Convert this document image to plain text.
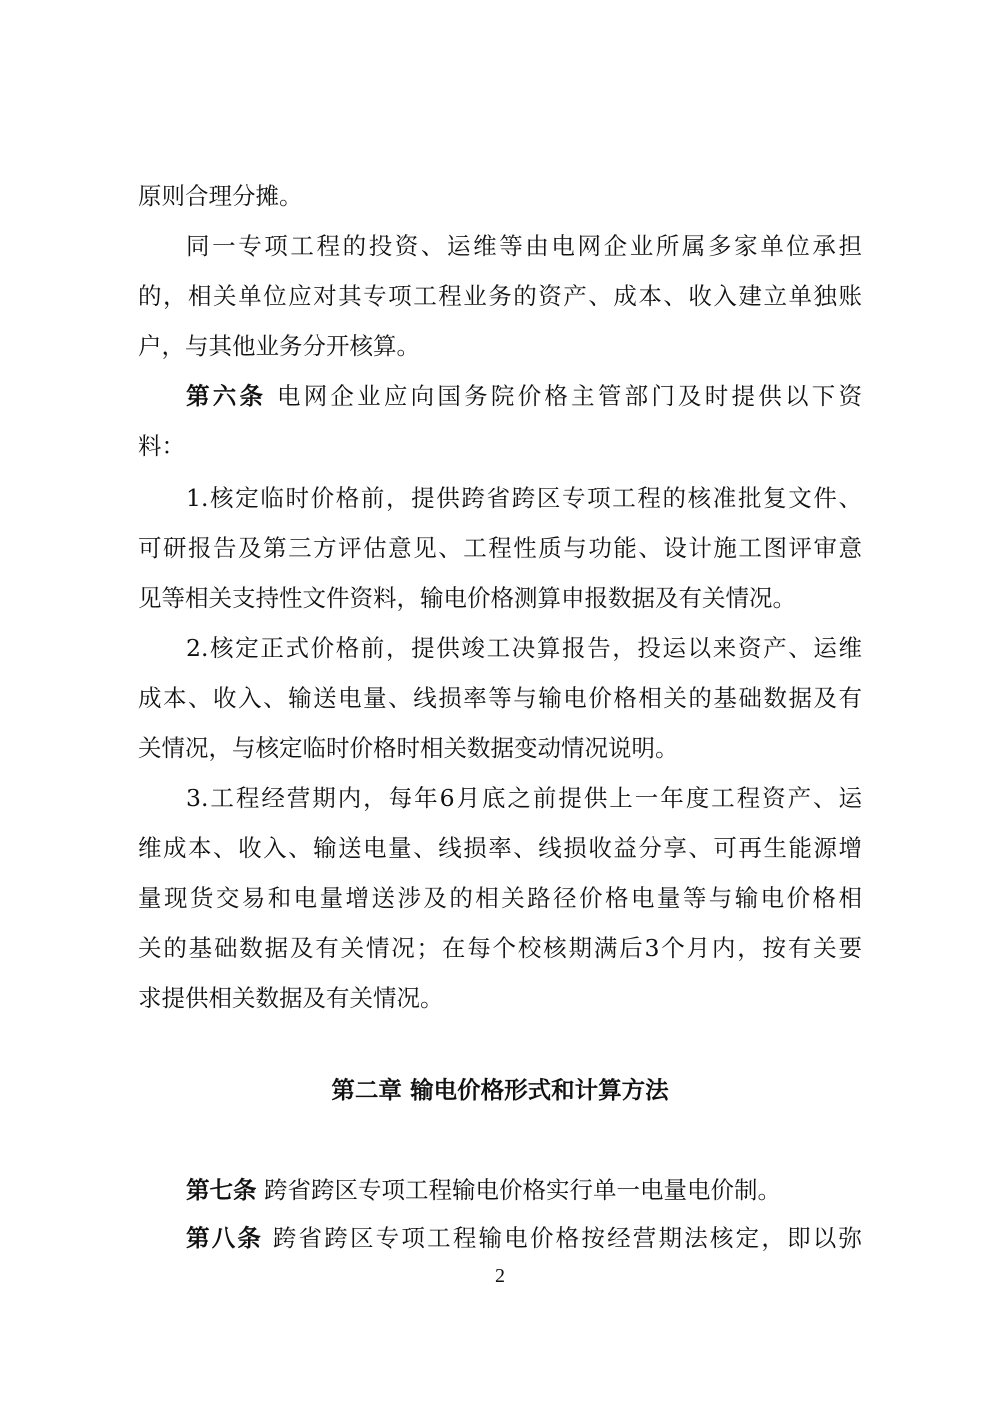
原则合理分摊。
同一专项工程的投资、运维等由电网企业所属多家单位承担
的，相关单位应对其专项工程业务的资产、成本、收入建立单独账
户，与其他业务分开核算。
第六条 电网企业应向国务院价格主管部门及时提供以下资
料：
1.核定临时价格前，提供跨省跨区专项工程的核准批复文件、
可研报告及第三方评估意见、工程性质与功能、设计施工图评审意
见等相关支持性文件资料，输电价格测算申报数据及有关情况。
2.核定正式价格前，提供竣工决算报告，投运以来资产、运维
成本、收入、输送电量、线损率等与输电价格相关的基础数据及有
关情况，与核定临时价格时相关数据变动情况说明。
3.工程经营期内，每年6月底之前提供上一年度工程资产、运
维成本、收入、输送电量、线损率、线损收益分享、可再生能源增
量现货交易和电量增送涉及的相关路径价格电量等与输电价格相
关的基础数据及有关情况；在每个校核期满后3个月内，按有关要
求提供相关数据及有关情况。
第二章 输电价格形式和计算方法
第七条 跨省跨区专项工程输电价格实行单一电量电价制。
第八条 跨省跨区专项工程输电价格按经营期法核定，即以弥
2
